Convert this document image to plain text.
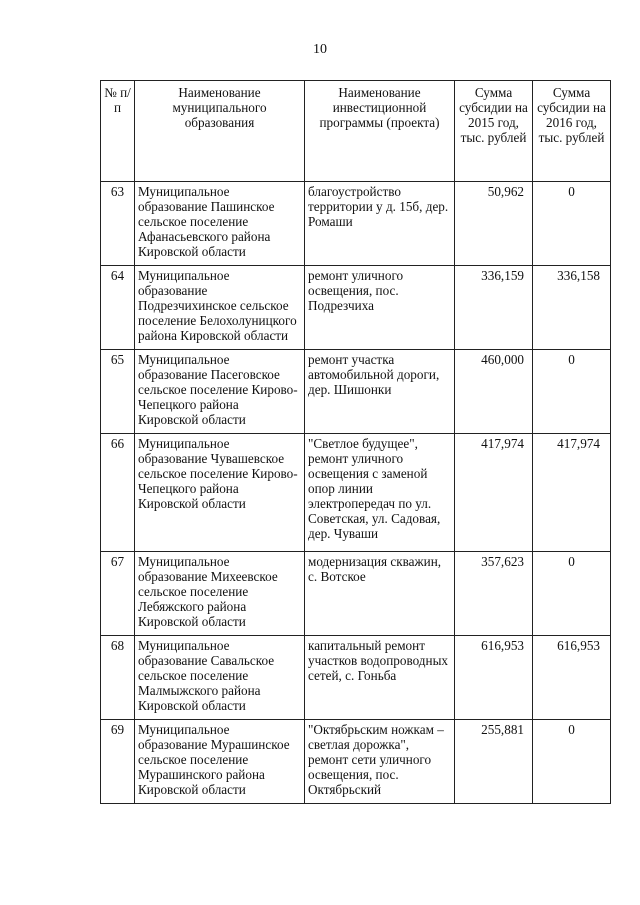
10
№ п/п	Наименование муниципального образования	Наименование инвестиционной программы (проекта)	Сумма субсидии на 2015 год, тыс. рублей	Сумма субсидии на 2016 год, тыс. рублей
63	Муниципальное образование Пашинское сельское поселение Афанасьевского района Кировской области	благоустройство территории у д. 15б, дер. Ромаши	50,962	0
64	Муниципальное образование Подрезчихинское сельское поселение Белохолуницкого района Кировской области	ремонт уличного освещения, пос. Подрезчиха	336,159	336,158
65	Муниципальное образование Пасеговское сельское поселение Кирово-Чепецкого района Кировской области	ремонт участка автомобильной дороги, дер. Шишонки	460,000	0
66	Муниципальное образование Чувашевское сельское поселение Кирово-Чепецкого района Кировской области	"Светлое будущее", ремонт уличного освещения с заменой опор линии электропередач по ул. Советская, ул. Садовая, дер. Чуваши	417,974	417,974
67	Муниципальное образование Михеевское сельское поселение Лебяжского района Кировской области	модернизация скважин, с. Вотское	357,623	0
68	Муниципальное образование Савальское сельское поселение Малмыжского района Кировской области	капитальный ремонт участков водопроводных сетей, с. Гоньба	616,953	616,953
69	Муниципальное образование Мурашинское сельское поселение Мурашинского района Кировской области	"Октябрьским ножкам – светлая дорожка", ремонт сети уличного освещения, пос. Октябрьский	255,881	0
